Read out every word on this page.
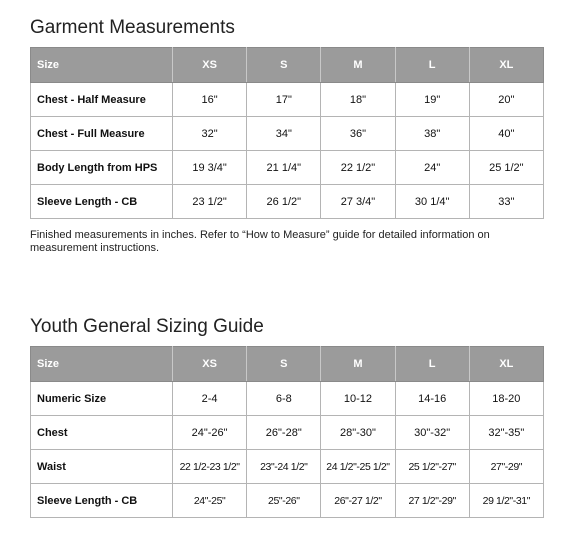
Garment Measurements
Size	XS	S	M	L	XL
Chest - Half Measure	16"	17"	18"	19"	20"
Chest - Full Measure	32"	34"	36"	38"	40"
Body Length from HPS	19 3/4"	21 1/4"	22 1/2"	24"	25 1/2"
Sleeve Length - CB	23 1/2"	26 1/2"	27 3/4"	30 1/4"	33"

Finished measurements in inches. Refer to “How to Measure” guide for detailed information on measurement instructions.

Youth General Sizing Guide
Size	XS	S	M	L	XL
Numeric Size	2-4	6-8	10-12	14-16	18-20
Chest	24"-26"	26"-28"	28"-30"	30"-32"	32"-35"
Waist	22 1/2-23 1/2"	23"-24 1/2"	24 1/2"-25 1/2"	25 1/2"-27"	27"-29"
Sleeve Length - CB	24"-25"	25"-26"	26"-27 1/2"	27 1/2"-29"	29 1/2"-31"
